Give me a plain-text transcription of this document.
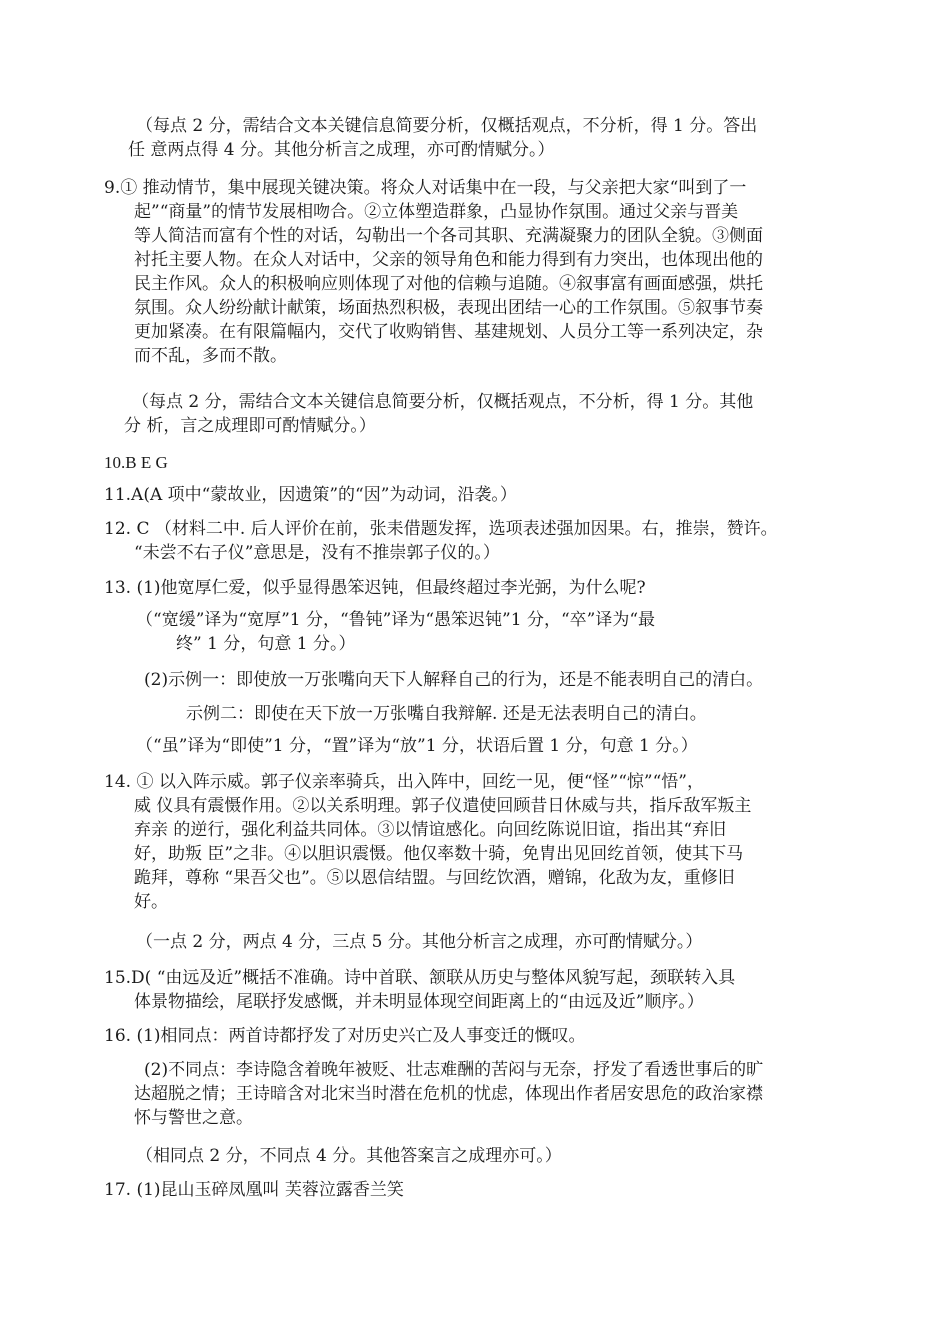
（每点 2 分，需结合文本关键信息简要分析，仅概括观点，不分析，得 1 分。答出

任 意两点得 4 分。其他分析言之成理，亦可酌情赋分。）

9.① 推动情节，集中展现关键决策。将众人对话集中在一段，与父亲把大家“叫到了一

起”“商量”的情节发展相吻合。②立体塑造群象，凸显协作氛围。通过父亲与晋美

等人简洁而富有个性的对话，勾勒出一个各司其职、充满凝聚力的团队全貌。③侧面

衬托主要人物。在众人对话中，父亲的领导角色和能力得到有力突出，也体现出他的

民主作风。众人的积极响应则体现了对他的信赖与追随。④叙事富有画面感强，烘托

氛围。众人纷纷献计献策，场面热烈积极，表现出团结一心的工作氛围。⑤叙事节奏

更加紧凑。在有限篇幅内，交代了收购销售、基建规划、人员分工等一系列决定，杂

而不乱，多而不散。

（每点 2 分，需结合文本关键信息简要分析，仅概括观点，不分析，得 1 分。其他

分 析，言之成理即可酌情赋分。）

10.B E G

11.A(A 项中“蒙故业，因遗策”的“因”为动词，沿袭。）

12. C （材料二中. 后人评价在前，张耒借题发挥，选项表述强加因果。右，推崇，赞许。

“未尝不右子仪”意思是，没有不推崇郭子仪的。）

13. (1)他宽厚仁爱，似乎显得愚笨迟钝，但最终超过李光弼，为什么呢?

（“宽缓”译为“宽厚”1 分，“鲁钝”译为“愚笨迟钝”1 分，“卒”译为“最

终” 1 分，句意 1 分。）

(2)示例一：即使放一万张嘴向天下人解释自己的行为，还是不能表明自己的清白。

示例二：即使在天下放一万张嘴自我辩解. 还是无法表明自己的清白。

（“虽”译为“即使”1 分，“置”译为“放”1 分，状语后置 1 分，句意 1 分。）

14. ① 以入阵示威。郭子仪亲率骑兵，出入阵中，回纥一见，便“怪”“惊”“悟”，

威 仪具有震慑作用。②以关系明理。郭子仪遣使回顾昔日休威与共，指斥敌军叛主

弃亲 的逆行，强化利益共同体。③以情谊感化。向回纥陈说旧谊，指出其“弃旧

好，助叛 臣”之非。④以胆识震慑。他仅率数十骑，免胄出见回纥首领，使其下马

跪拜，尊称 “果吾父也”。⑤以恩信结盟。与回纥饮酒，赠锦，化敌为友，重修旧

好。

（一点 2 分，两点 4 分，三点 5 分。其他分析言之成理，亦可酌情赋分。）

15.D( “由远及近”概括不准确。诗中首联、颔联从历史与整体风貌写起，颈联转入具

体景物描绘，尾联抒发感慨，并未明显体现空间距离上的“由远及近”顺序。）

16. (1)相同点：两首诗都抒发了对历史兴亡及人事变迁的慨叹。

(2)不同点：李诗隐含着晚年被贬、壮志难酬的苦闷与无奈，抒发了看透世事后的旷

达超脱之情；王诗暗含对北宋当时潜在危机的忧虑，体现出作者居安思危的政治家襟

怀与警世之意。

（相同点 2 分，不同点 4 分。其他答案言之成理亦可。）

17. (1)昆山玉碎凤凰叫 芙蓉泣露香兰笑
